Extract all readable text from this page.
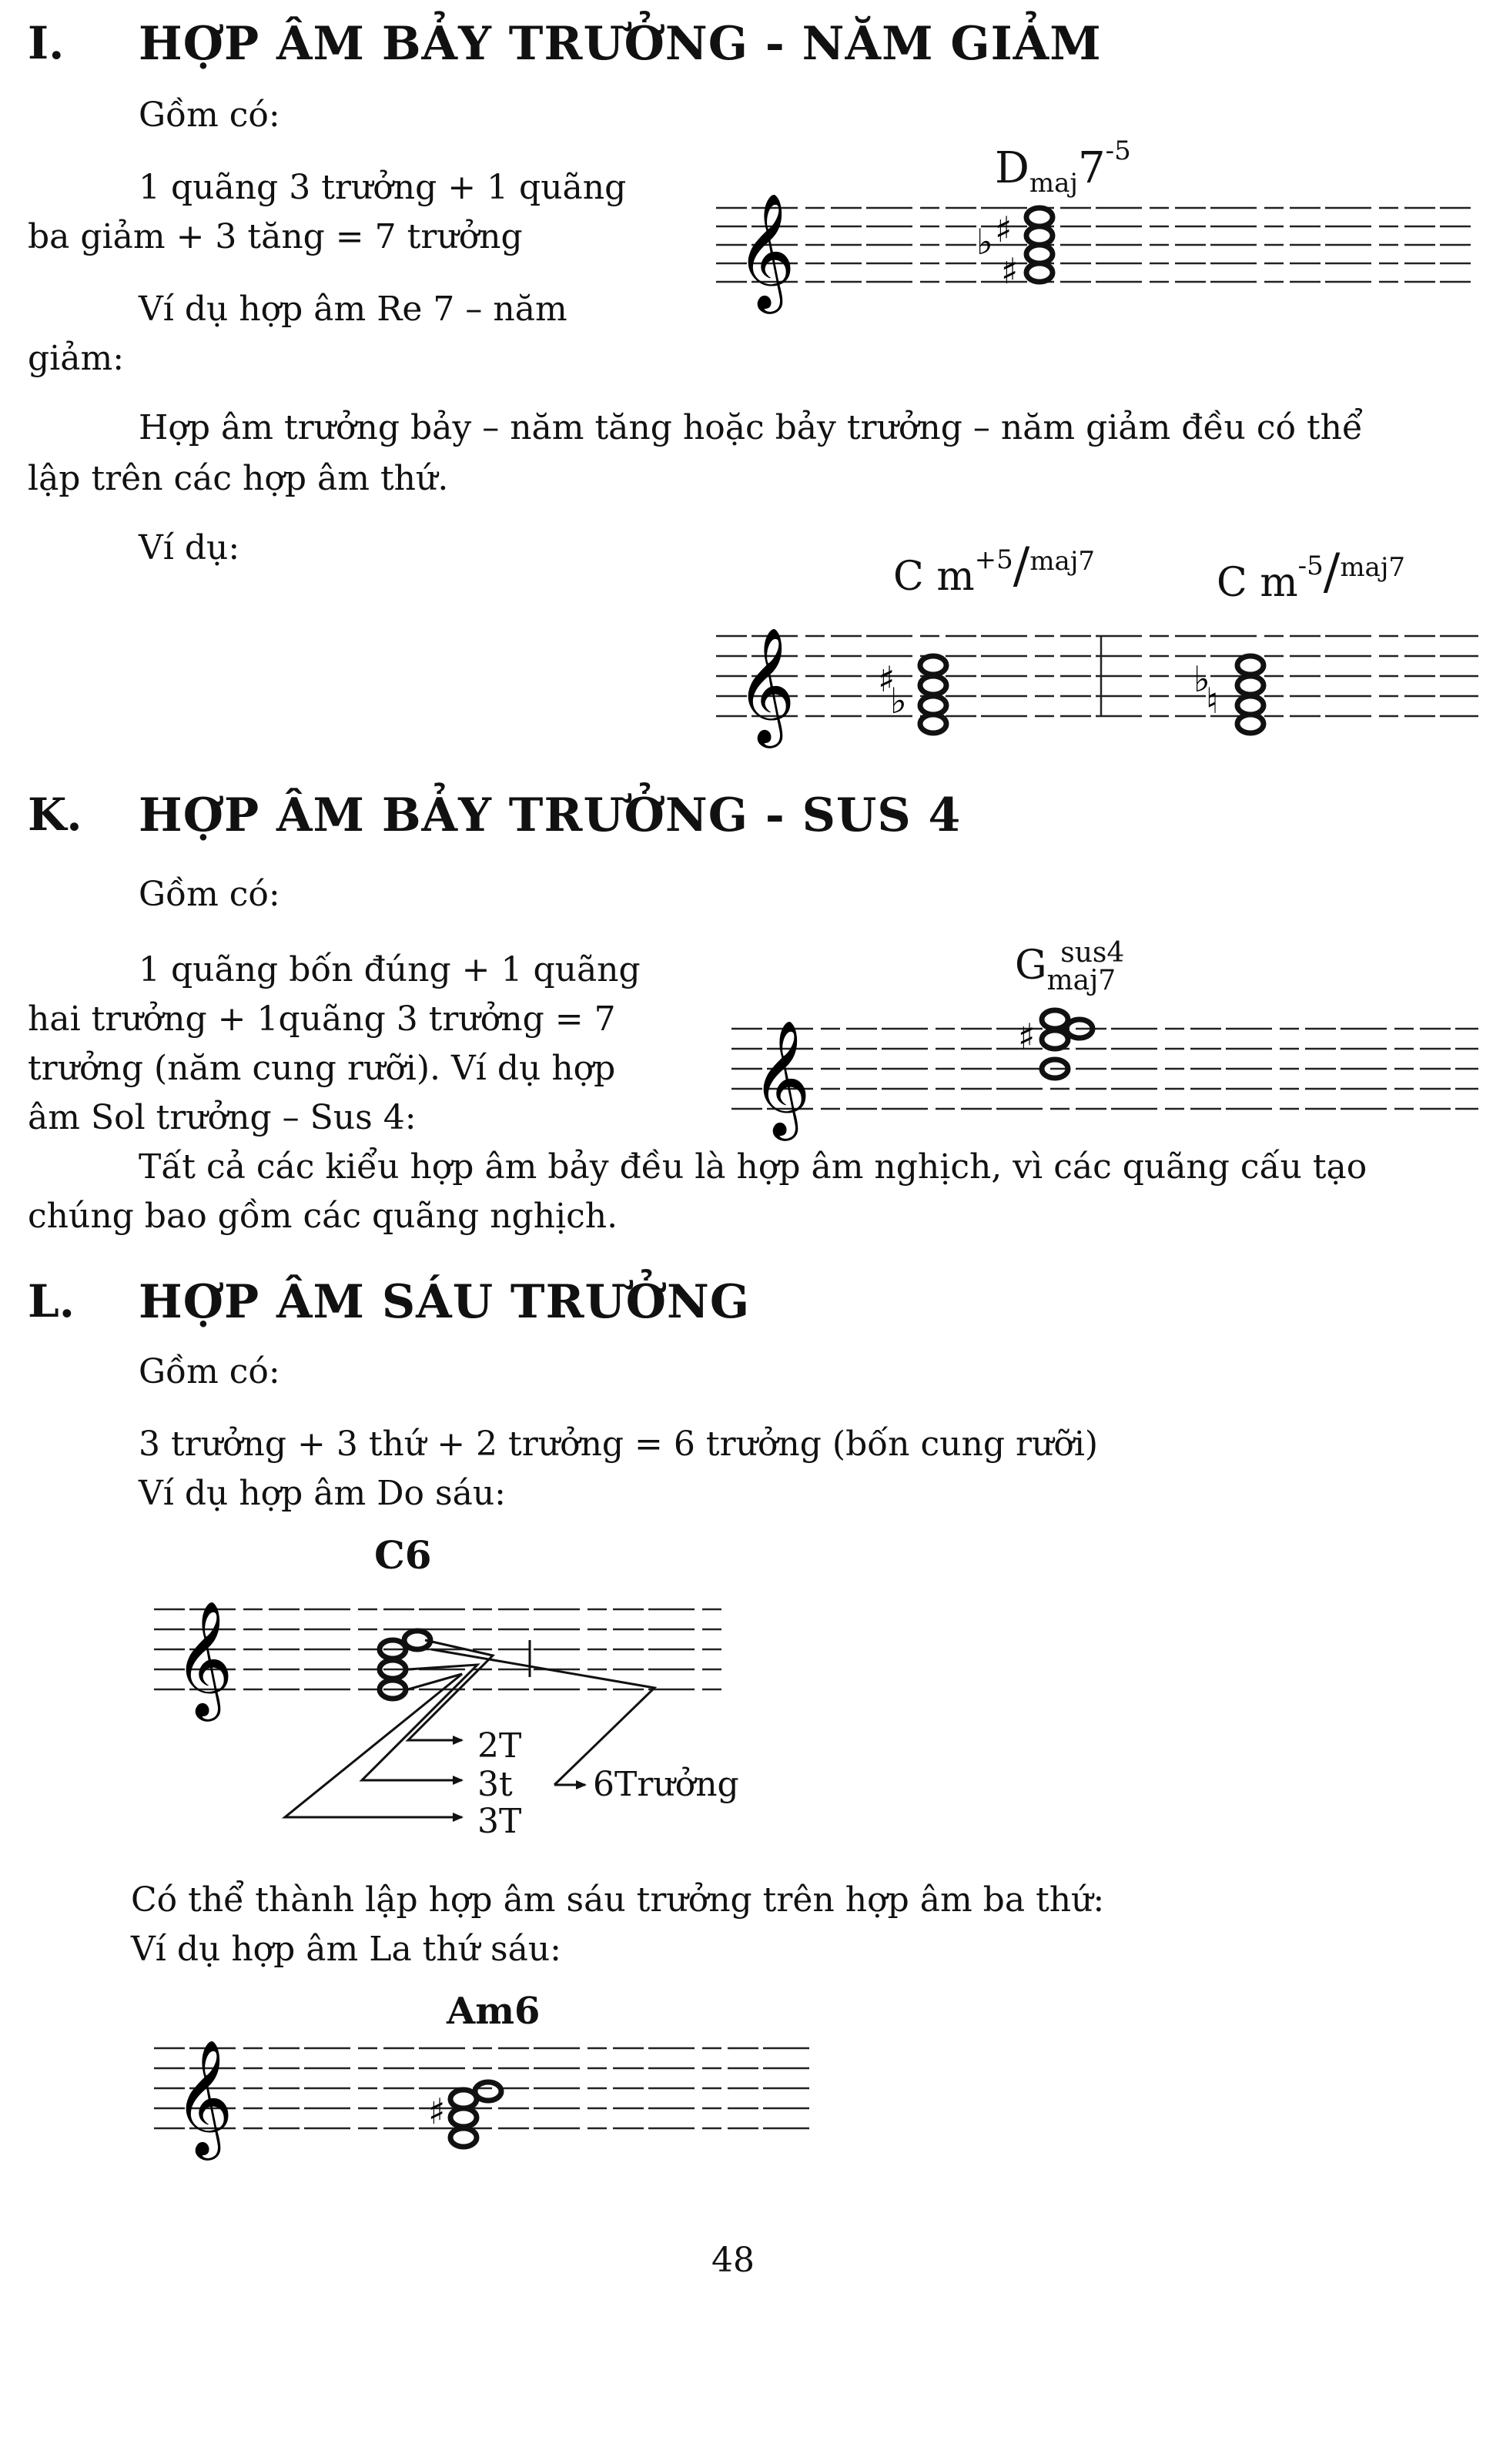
I. HỢP ÂM BẢY TRƯỞNG - NĂM GIẢM
Gồm có:
1 quãng 3 trưởng + 1 quãng
ba giảm + 3 tăng = 7 trưởng
Ví dụ hợp âm Re 7 – năm
giảm:
$D_{maj}7^{-5}$
𝄞	♭ ♯
♯
Hợp âm trưởng bảy – năm tăng hoặc bảy trưởng – năm giảm đều có thể
lập trên các hợp âm thứ.
Ví dụ:
C $m^{+5}/^{maj7}$	C $m^{-5}/^{maj7}$
𝄞 ♯
♭
♭
♮
K. HỢP ÂM BẢY TRƯỞNG - SUS 4
Gồm có:
1 quãng bốn đúng + 1 quãng
hai trưởng + 1quãng 3 trưởng = 7
trưởng (năm cung rưỡi). Ví dụ hợp
âm Sol trưởng – Sus 4:
$G_{maj7}^{sus4}$
𝄞	♯
Tất cả các kiểu hợp âm bảy đều là hợp âm nghịch, vì các quãng cấu tạo
chúng bao gồm các quãng nghịch.
L. HỢP ÂM SÁU TRƯỞNG
Gồm có:
3 trưởng + 3 thứ + 2 trưởng = 6 trưởng (bốn cung rưỡi)
Ví dụ hợp âm Do sáu:
C6
𝄞
2T
3t
3T
6Trưởng
Có thể thành lập hợp âm sáu trưởng trên hợp âm ba thứ:
Ví dụ hợp âm La thứ sáu:
Am6
𝄞	♯
48
